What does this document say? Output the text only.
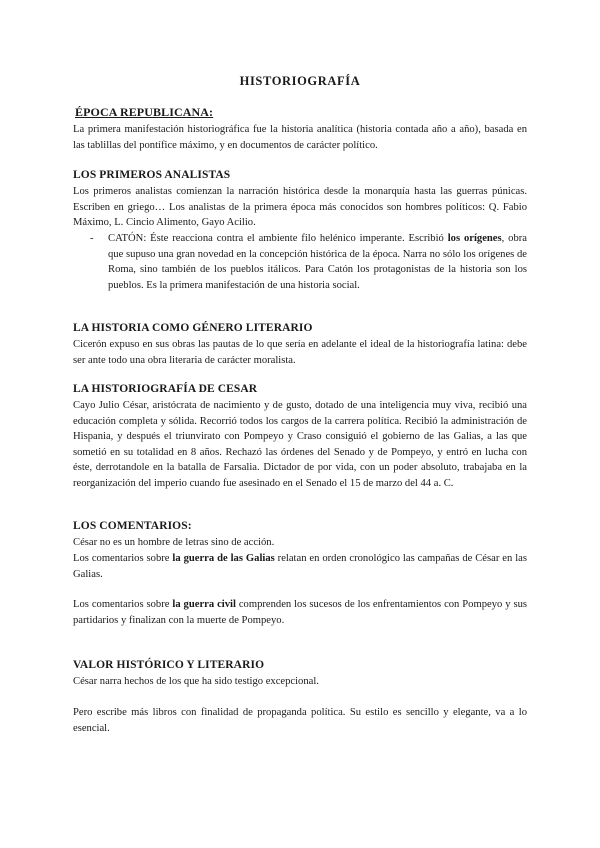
HISTORIOGRAFÍA
ÉPOCA REPUBLICANA:
La primera manifestación historiográfica fue la historia analítica (historia contada año a año), basada en las tablillas del pontífice máximo, y en documentos de carácter político.
LOS PRIMEROS ANALISTAS
Los primeros analistas comienzan la narración histórica desde la monarquía hasta las guerras púnicas. Escriben en griego… Los analistas de la primera época más conocidos son hombres políticos: Q. Fabio Máximo, L. Cincio Alimento, Gayo Acilio.
- CATÓN: Éste reacciona contra el ambiente filo helénico imperante. Escribió los orígenes, obra que supuso una gran novedad en la concepción histórica de la época. Narra no sólo los orígenes de Roma, sino también de los pueblos itálicos. Para Catón los protagonistas de la historia son los pueblos. Es la primera manifestación de una historia social.
LA HISTORIA COMO GÉNERO LITERARIO
Cicerón expuso en sus obras las pautas de lo que sería en adelante el ideal de la historiografía latina: debe ser ante todo una obra literaria de carácter moralista.
LA HISTORIOGRAFÍA DE CESAR
Cayo Julio César, aristócrata de nacimiento y de gusto, dotado de una inteligencia muy viva, recibió una educación completa y sólida. Recorrió todos los cargos de la carrera política. Recibió la administración de Hispania, y después el triunvirato con Pompeyo y Craso consiguió el gobierno de las Galias, a las que sometió en su totalidad en 8 años. Rechazó las órdenes del Senado y de Pompeyo, y entró en lucha con éste, derrotandole en la batalla de Farsalia. Dictador de por vida, con un poder absoluto, trabajaba en la reorganización del imperio cuando fue asesinado en el Senado el 15 de marzo del 44 a. C.
LOS COMENTARIOS:
César no es un hombre de letras sino de acción.
Los comentarios sobre la guerra de las Galias relatan en orden cronológico las campañas de César en las Galias.
Los comentarios sobre la guerra civil comprenden los sucesos de los enfrentamientos con Pompeyo y sus partidarios y finalizan con la muerte de Pompeyo.
VALOR HISTÓRICO Y LITERARIO
César narra hechos de los que ha sido testigo excepcional.
Pero escribe más libros con finalidad de propaganda política. Su estilo es sencillo y elegante, va a lo esencial.
